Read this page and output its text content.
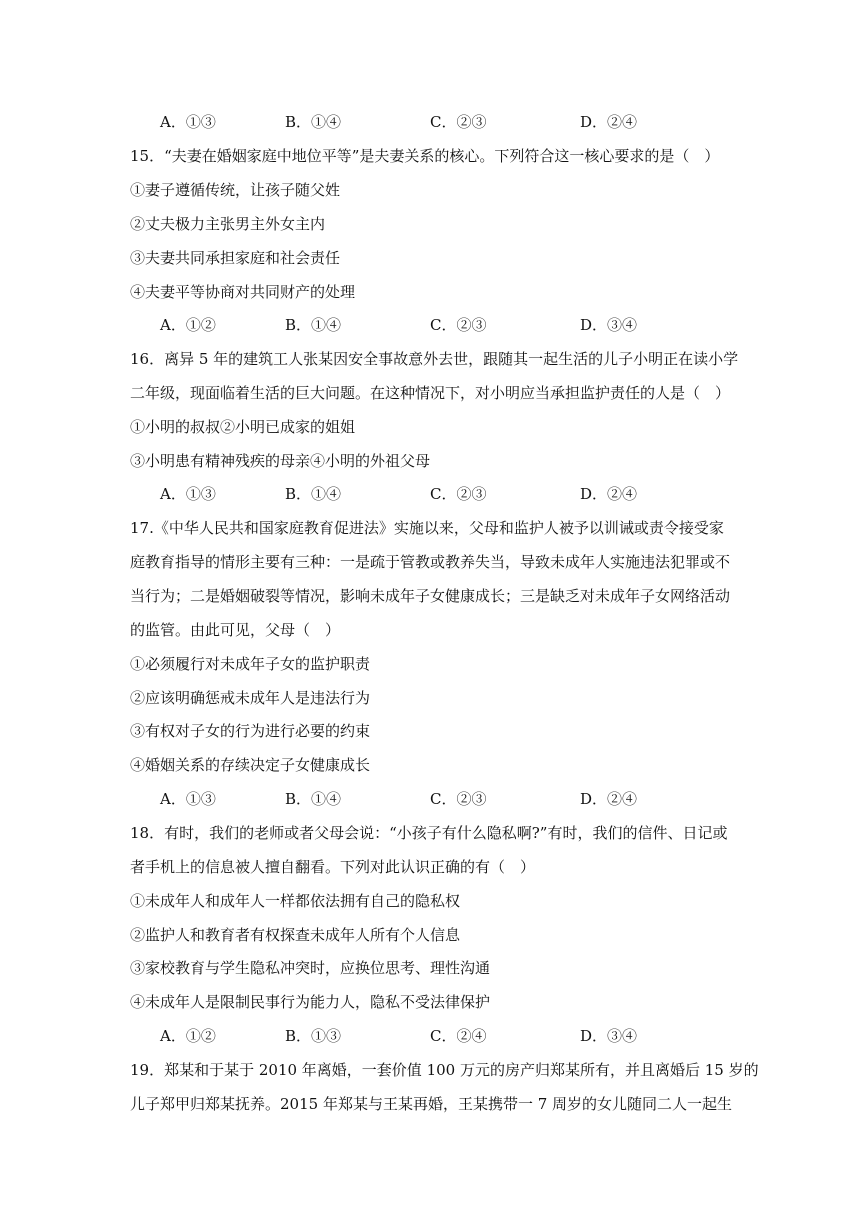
A．①③	B．①④	C．②③	D．②④
15．“夫妻在婚姻家庭中地位平等”是夫妻关系的核心。下列符合这一核心要求的是（　）
①妻子遵循传统，让孩子随父姓
②丈夫极力主张男主外女主内
③夫妻共同承担家庭和社会责任
④夫妻平等协商对共同财产的处理
A．①②	B．①④	C．②③	D．③④
16．离异 5 年的建筑工人张某因安全事故意外去世，跟随其一起生活的儿子小明正在读小学
二年级，现面临着生活的巨大问题。在这种情况下，对小明应当承担监护责任的人是（　）
①小明的叔叔②小明已成家的姐姐
③小明患有精神残疾的母亲④小明的外祖父母
A．①③	B．①④	C．②③	D．②④
17.《中华人民共和国家庭教育促进法》实施以来，父母和监护人被予以训诫或责令接受家
庭教育指导的情形主要有三种：一是疏于管教或教养失当，导致未成年人实施违法犯罪或不
当行为；二是婚姻破裂等情况，影响未成年子女健康成长；三是缺乏对未成年子女网络活动
的监管。由此可见，父母（　）
①必须履行对未成年子女的监护职责
②应该明确惩戒未成年人是违法行为
③有权对子女的行为进行必要的约束
④婚姻关系的存续决定子女健康成长
A．①③	B．①④	C．②③	D．②④
18．有时，我们的老师或者父母会说：“小孩子有什么隐私啊?”有时，我们的信件、日记或
者手机上的信息被人擅自翻看。下列对此认识正确的有（　）
①未成年人和成年人一样都依法拥有自己的隐私权
②监护人和教育者有权探查未成年人所有个人信息
③家校教育与学生隐私冲突时，应换位思考、理性沟通
④未成年人是限制民事行为能力人，隐私不受法律保护
A．①②	B．①③	C．②④	D．③④
19．郑某和于某于 2010 年离婚，一套价值 100 万元的房产归郑某所有，并且离婚后 15 岁的
儿子郑甲归郑某抚养。2015 年郑某与王某再婚，王某携带一 7 周岁的女儿随同二人一起生
